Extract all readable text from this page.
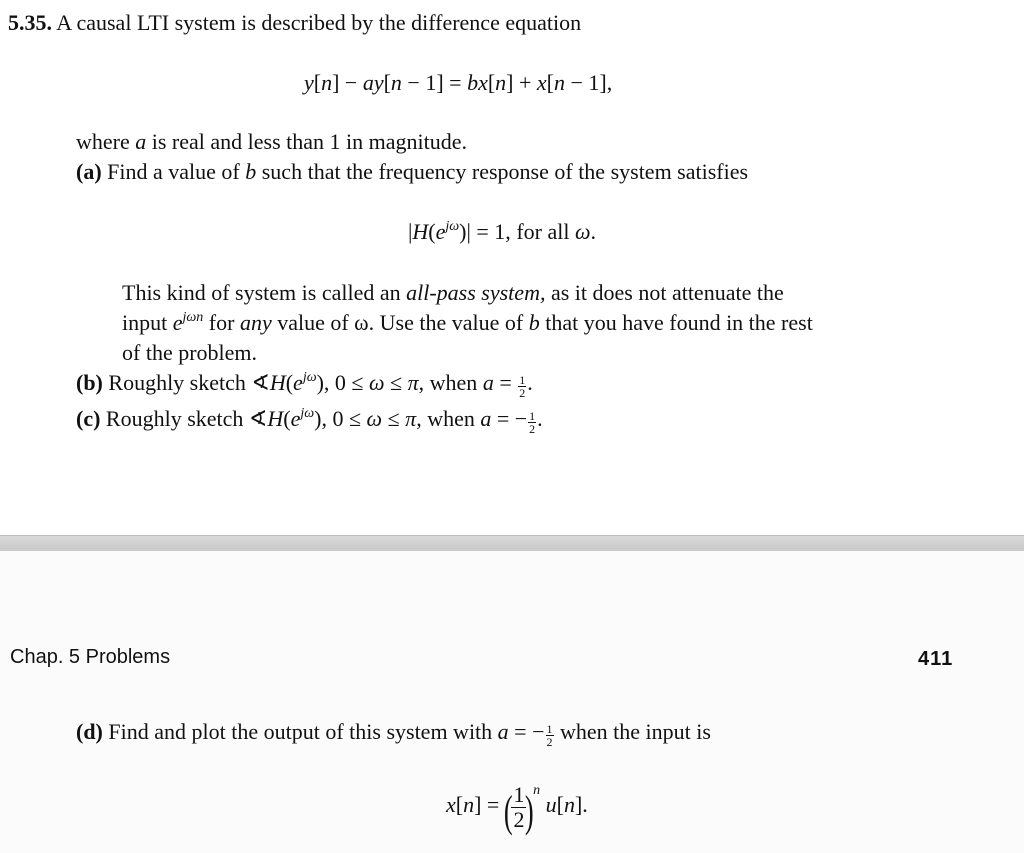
5.35. A causal LTI system is described by the difference equation
y[n] − ay[n − 1] = bx[n] + x[n − 1],
where a is real and less than 1 in magnitude.
(a) Find a value of b such that the frequency response of the system satisfies
$|H(e^{j\omega})| = 1$, for all ω.
This kind of system is called an all-pass system, as it does not attenuate the
input $e^{j\omega n}$ for any value of ω. Use the value of b that you have found in the rest
of the problem.
(b) Roughly sketch $∢H(e^{j\omega})$, 0 ≤ ω ≤ π, when $a = \frac{1}{2}$ .
(c) Roughly sketch $∢H(e^{j\omega})$, 0 ≤ ω ≤ π, when a = − $\frac{1}{2}$ .
Chap. 5 Problems	411
(d) Find and plot the output of this system with a = − $\frac{1}{2}$ when the input is
x[n] = (
$\frac{1}{2}$
)$^n$ u[n].
